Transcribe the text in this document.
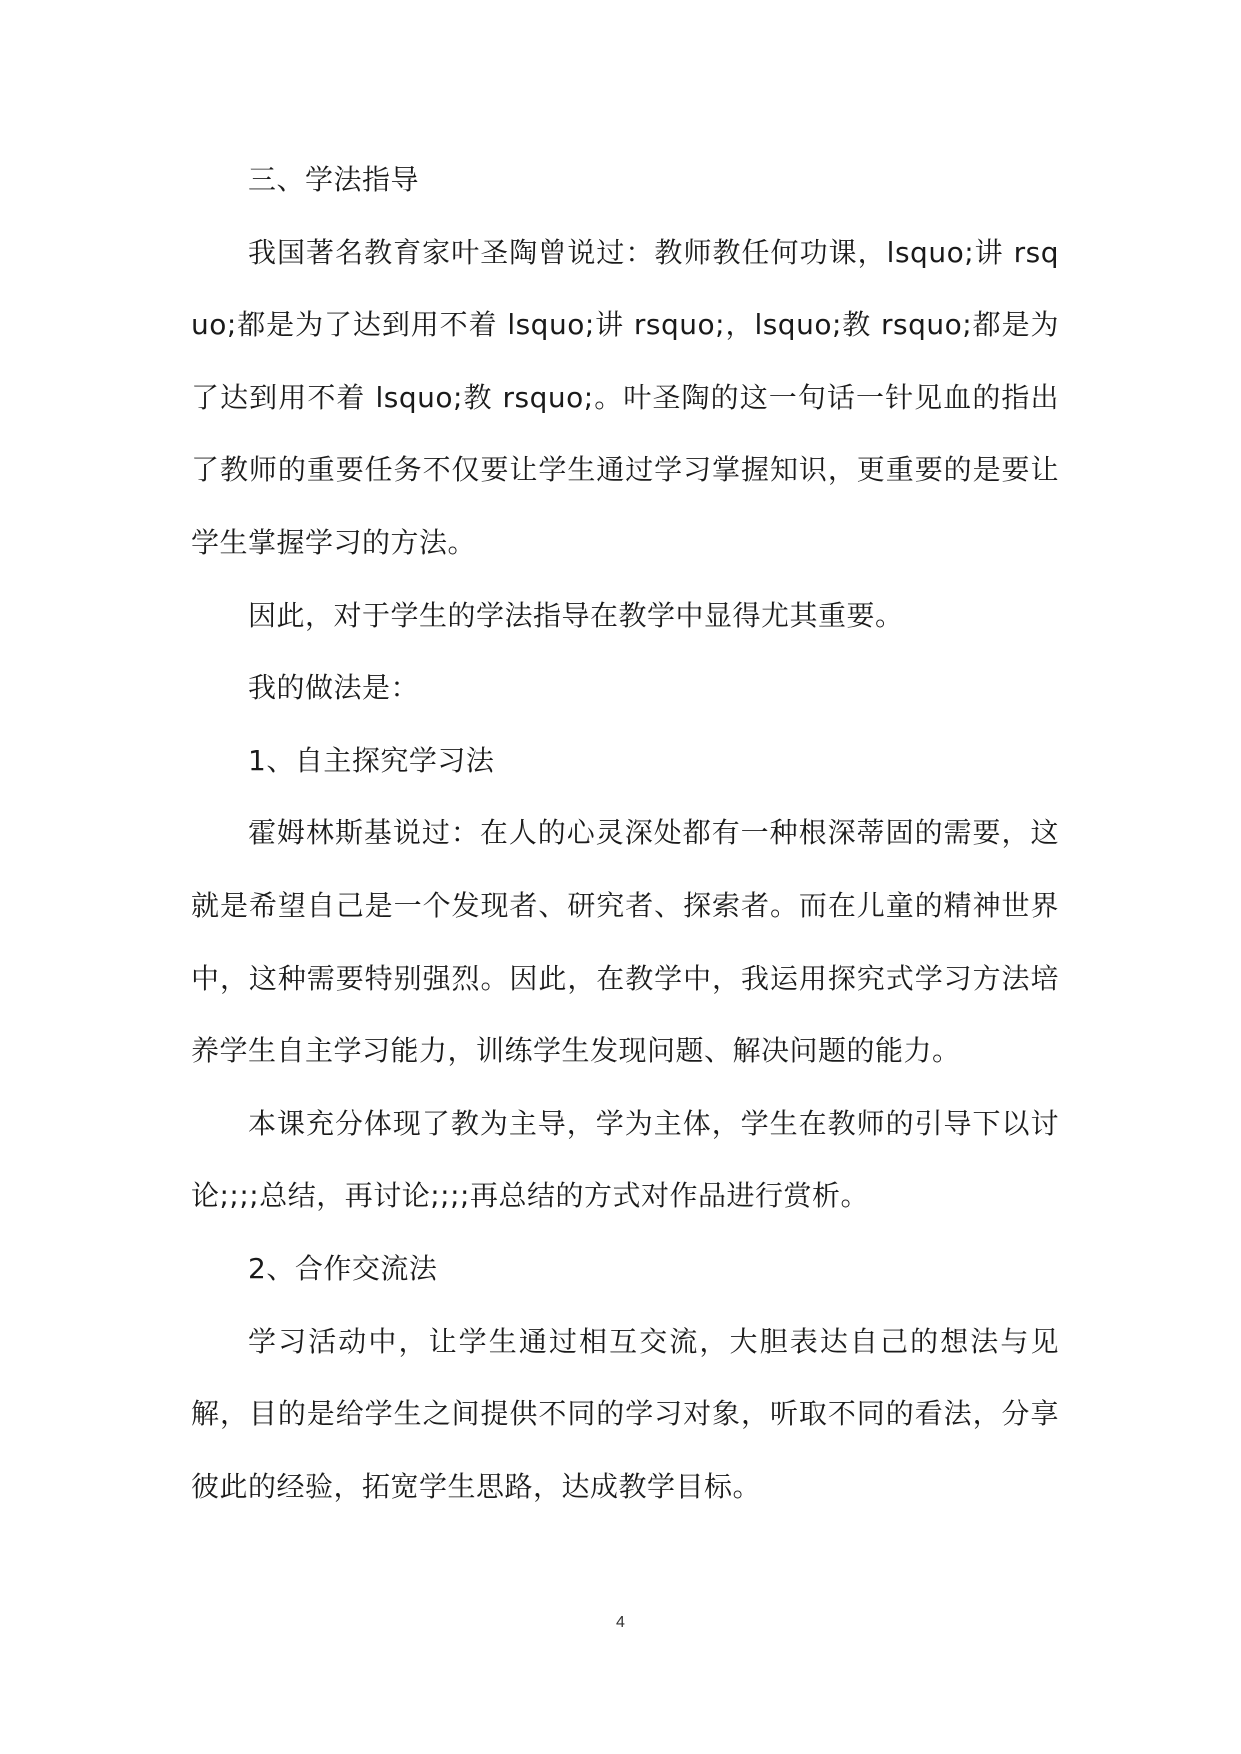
三、学法指导

我国著名教育家叶圣陶曾说过：教师教任何功课，lsquo;讲 rsquo;都是为了达到用不着 lsquo;讲 rsquo;，lsquo;教 rsquo;都是为了达到用不着 lsquo;教 rsquo;。叶圣陶的这一句话一针见血的指出了教师的重要任务不仅要让学生通过学习掌握知识，更重要的是要让学生掌握学习的方法。

因此，对于学生的学法指导在教学中显得尤其重要。

我的做法是：

1、自主探究学习法

霍姆林斯基说过：在人的心灵深处都有一种根深蒂固的需要，这就是希望自己是一个发现者、研究者、探索者。而在儿童的精神世界中，这种需要特别强烈。因此，在教学中，我运用探究式学习方法培养学生自主学习能力，训练学生发现问题、解决问题的能力。

本课充分体现了教为主导，学为主体，学生在教师的引导下以讨论;;;;总结，再讨论;;;;再总结的方式对作品进行赏析。

2、合作交流法

学习活动中，让学生通过相互交流，大胆表达自己的想法与见解，目的是给学生之间提供不同的学习对象，听取不同的看法，分享彼此的经验，拓宽学生思路，达成教学目标。

4
